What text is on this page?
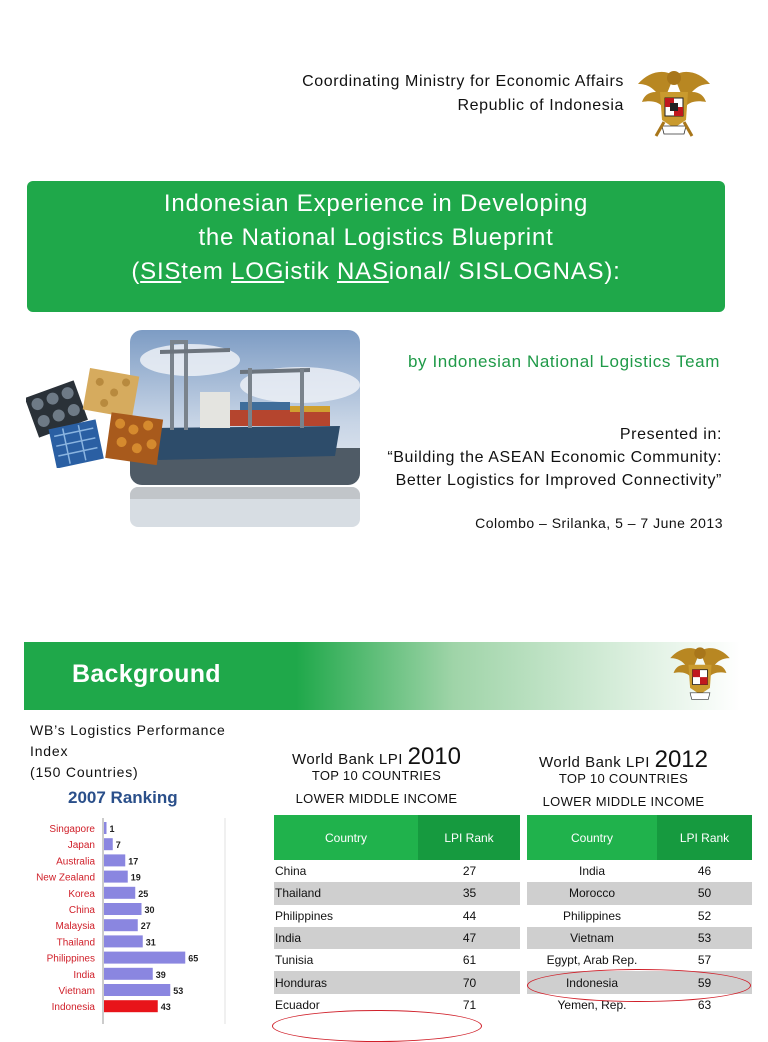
Coordinating Ministry for Economic Affairs
Republic of Indonesia
Indonesian Experience in Developing
the National Logistics Blueprint
(SIStem LOGistik NASional/ SISLOGNAS):
by Indonesian National Logistics Team
Presented in:
“Building the ASEAN Economic Community:
Better Logistics for Improved Connectivity”
Colombo – Srilanka, 5 – 7 June 2013
Background
WB’s Logistics Performance
Index
(150 Countries)
2007 Ranking
Singapore 1
Japan 7
Australia	17
New Zealand	19
Korea	25
China	30
Malaysia	27
Thailand	31
Philippines	65
India	39
Vietnam	53
Indonesia	43
World Bank LPI 2010
TOP 10 COUNTRIES
LOWER MIDDLE INCOME
Country	LPI Rank
China	27
Thailand	35
Philippines	44
India	47
Tunisia	61
Honduras	70
Ecuador	71
World Bank LPI 2012
TOP 10 COUNTRIES
LOWER MIDDLE INCOME
Country	LPI Rank
India	46
Morocco	50
Philippines	52
Vietnam	53
Egypt, Arab Rep.	57
Indonesia	59
Yemen, Rep.	63
